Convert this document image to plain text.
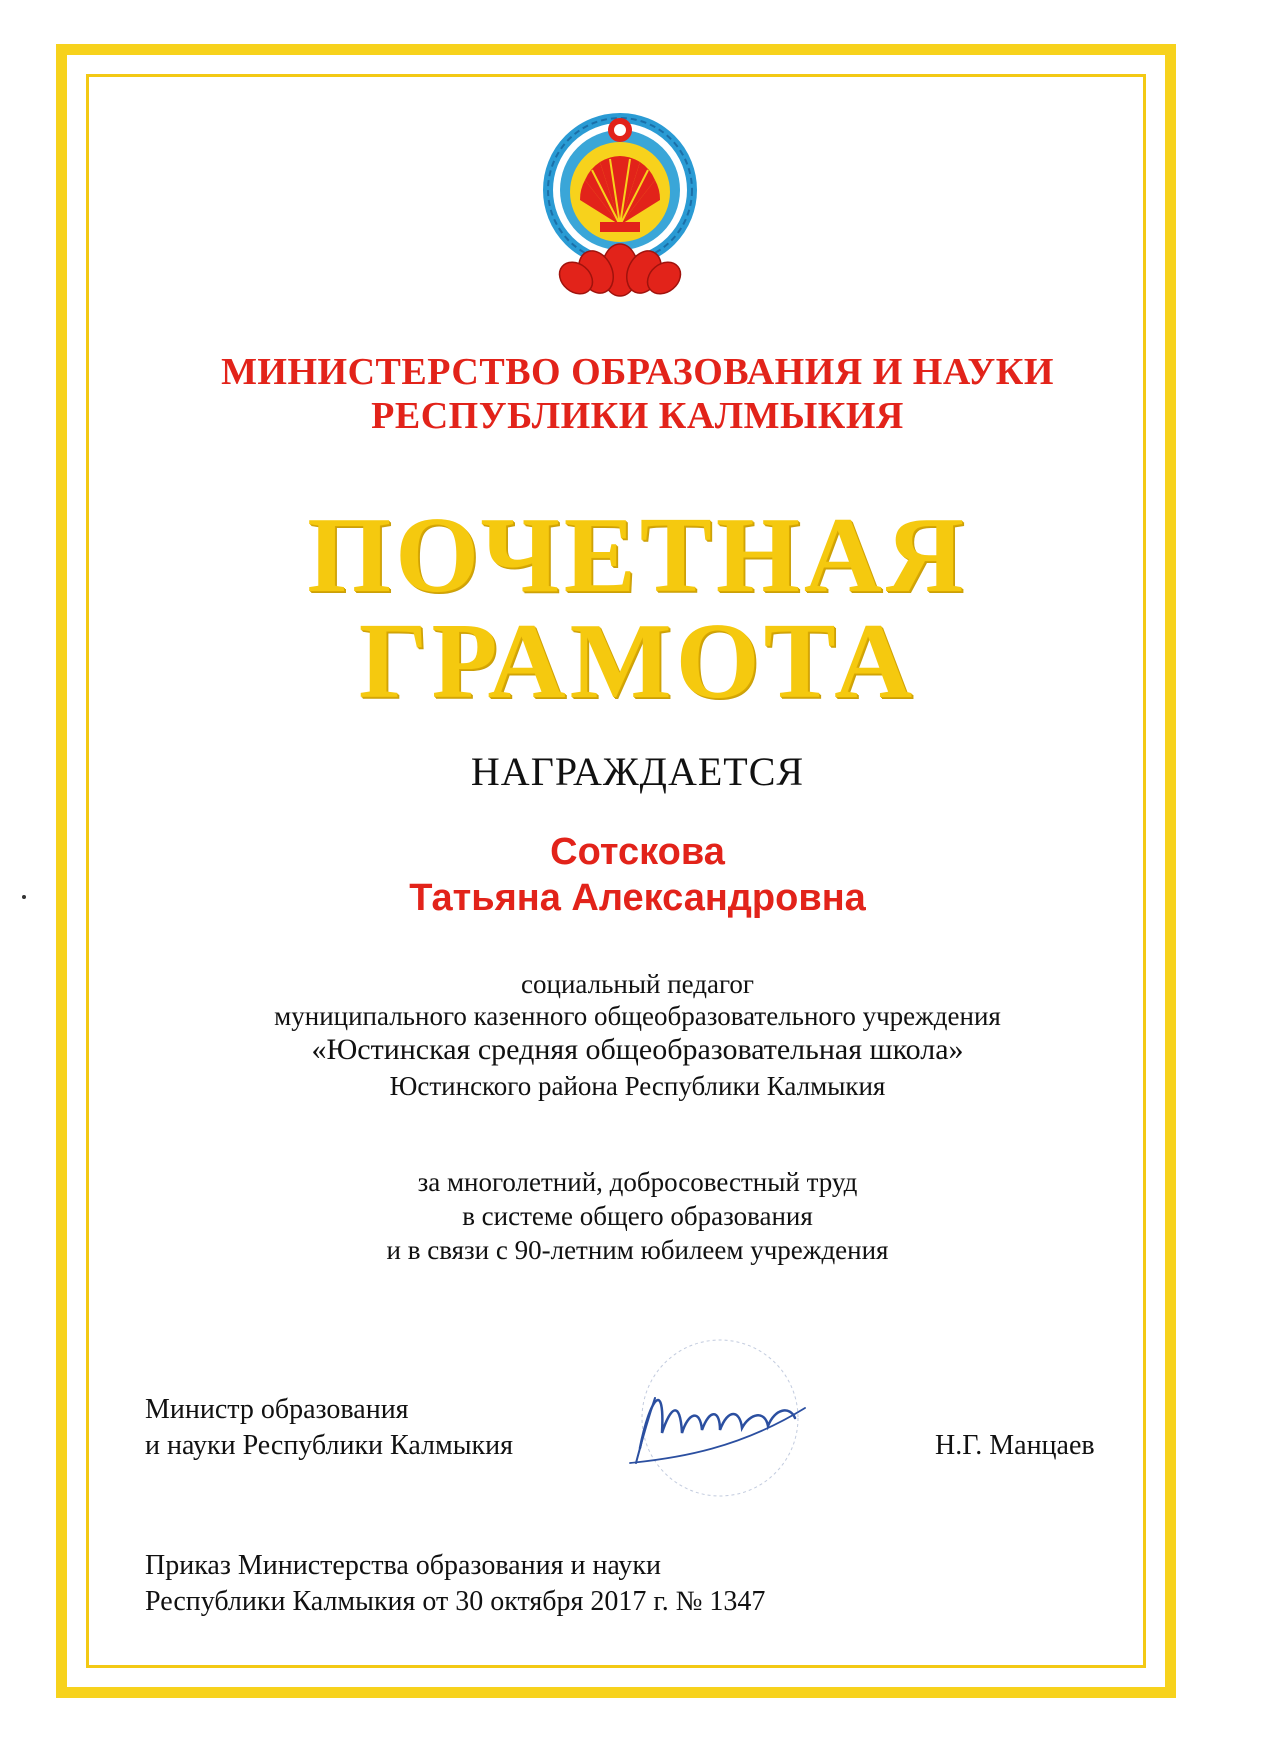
МИНИСТЕРСТВО ОБРАЗОВАНИЯ И НАУКИ
РЕСПУБЛИКИ КАЛМЫКИЯ
ПОЧЕТНАЯ
ГРАМОТА
НАГРАЖДАЕТСЯ
Сотскова
Татьяна Александровна
социальный педагог
муниципального казенного общеобразовательного учреждения
«Юстинская средняя общеобразовательная школа»
Юстинского района Республики Калмыкия
за многолетний, добросовестный труд
в системе общего образования
и в связи с 90-летним юбилеем учреждения
Министр образования
и науки Республики Калмыкия	Н.Г. Манцаев
Приказ Министерства образования и науки
Республики Калмыкия от 30 октября 2017 г. № 1347
